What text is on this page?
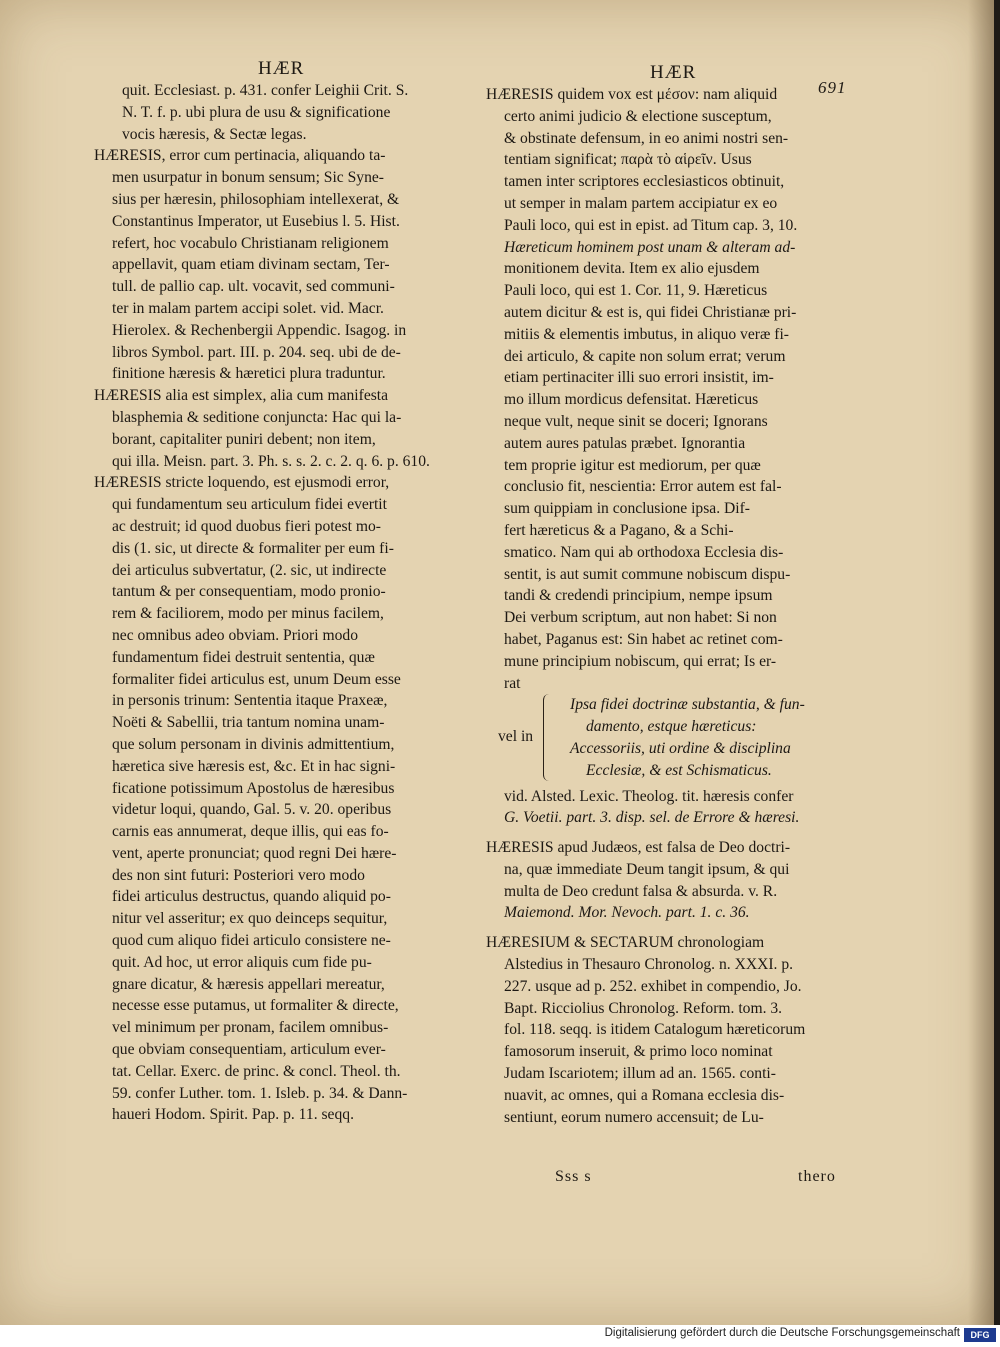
HÆR	HÆR
691
quit. Ecclesiast. p. 431. confer Leighii Crit. S.
N. T. f. p. ubi plura de usu & significatione
vocis hæresis, & Sectæ legas.
HÆRESIS, error cum pertinacia, aliquando ta-
men usurpatur in bonum sensum; Sic Syne-
sius per hæresin, philosophiam intellexerat, &
Constantinus Imperator, ut Eusebius l. 5. Hist.
refert, hoc vocabulo Christianam religionem
appellavit, quam etiam divinam sectam, Ter-
tull. de pallio cap. ult. vocavit, sed communi-
ter in malam partem accipi solet. vid. Macr.
Hierolex. & Rechenbergii Appendic. Isagog. in
libros Symbol. part. III. p. 204. seq. ubi de de-
finitione hæresis & hæretici plura traduntur.
HÆRESIS alia est simplex, alia cum manifesta
blasphemia & seditione conjuncta: Hac qui la-
borant, capitaliter puniri debent; non item,
qui illa. Meisn. part. 3. Ph. s. s. 2. c. 2. q. 6. p. 610.
HÆRESIS stricte loquendo, est ejusmodi error,
qui fundamentum seu articulum fidei evertit
ac destruit; id quod duobus fieri potest mo-
dis (1. sic, ut directe & formaliter per eum fi-
dei articulus subvertatur, (2. sic, ut indirecte
tantum & per consequentiam, modo pronio-
rem & faciliorem, modo per minus facilem,
nec omnibus adeo obviam. Priori modo
fundamentum fidei destruit sententia, quæ
formaliter fidei articulus est, unum Deum esse
in personis trinum: Sententia itaque Praxeæ,
Noëti & Sabellii, tria tantum nomina unam-
que solum personam in divinis admittentium,
hæretica sive hæresis est, &c. Et in hac signi-
ficatione potissimum Apostolus de hæresibus
videtur loqui, quando, Gal. 5. v. 20. operibus
carnis eas annumerat, deque illis, qui eas fo-
vent, aperte pronunciat; quod regni Dei hære-
des non sint futuri: Posteriori vero modo
fidei articulus destructus, quando aliquid po-
nitur vel asseritur; ex quo deinceps sequitur,
quod cum aliquo fidei articulo consistere ne-
quit. Ad hoc, ut error aliquis cum fide pu-
gnare dicatur, & hæresis appellari mereatur,
necesse esse putamus, ut formaliter & directe,
vel minimum per pronam, facilem omnibus-
que obviam consequentiam, articulum ever-
tat. Cellar. Exerc. de princ. & concl. Theol. th.
59. confer Luther. tom. 1. Isleb. p. 34. & Dann-
haueri Hodom. Spirit. Pap. p. 11. seqq.
HÆRESIS quidem vox est μέσον: nam aliquid
certo animi judicio & electione susceptum,
& obstinate defensum, in eo animi nostri sen-
tentiam significat; παρὰ τὸ αἱρεῖν. Usus
tamen inter scriptores ecclesiasticos obtinuit,
ut semper in malam partem accipiatur ex eo
Pauli loco, qui est in epist. ad Titum cap. 3, 10.
Hæreticum hominem post unam & alteram ad-
monitionem devita. Item ex alio ejusdem
Pauli loco, qui est 1. Cor. 11, 9. Hæreticus
autem dicitur & est is, qui fidei Christianæ pri-
mitiis & elementis imbutus, in aliquo veræ fi-
dei articulo, & capite non solum errat; verum
etiam pertinaciter illi suo errori insistit, im-
mo illum mordicus defensitat. Hæreticus
neque vult, neque sinit se doceri; Ignorans
autem aures patulas præbet. Ignorantia
tem proprie igitur est mediorum, per quæ
conclusio fit, nescientia: Error autem est fal-
sum quippiam in conclusione ipsa. Dif-
fert hæreticus & a Pagano, & a Schi-
smatico. Nam qui ab orthodoxa Ecclesia dis-
sentit, is aut sumit commune nobiscum dispu-
tandi & credendi principium, nempe ipsum
Dei verbum scriptum, aut non habet: Si non
habet, Paganus est: Sin habet ac retinet com-
mune principium nobiscum, qui errat; Is er-
rat
vel in
Ipsa fidei doctrinæ substantia, & fun-
damento, estque hæreticus:
Accessoriis, uti ordine & disciplina
Ecclesiæ, & est Schismaticus.
vid. Alsted. Lexic. Theolog. tit. hæresis confer
G. Voetii. part. 3. disp. sel. de Errore & hæresi.
HÆRESIS apud Judæos, est falsa de Deo doctri-
na, quæ immediate Deum tangit ipsum, & qui
multa de Deo credunt falsa & absurda. v. R.
Maiemond. Mor. Nevoch. part. 1. c. 36.
HÆRESIUM & SECTARUM chronologiam
Alstedius in Thesauro Chronolog. n. XXXI. p.
227. usque ad p. 252. exhibet in compendio, Jo.
Bapt. Ricciolius Chronolog. Reform. tom. 3.
fol. 118. seqq. is itidem Catalogum hæreticorum
famosorum inseruit, & primo loco nominat
Judam Iscariotem; illum ad an. 1565. conti-
nuavit, ac omnes, qui a Romana ecclesia dis-
sentiunt, eorum numero accensuit; de Lu-
Sss s	thero
Digitalisierung gefördert durch die Deutsche Forschungsgemeinschaft	DFG
